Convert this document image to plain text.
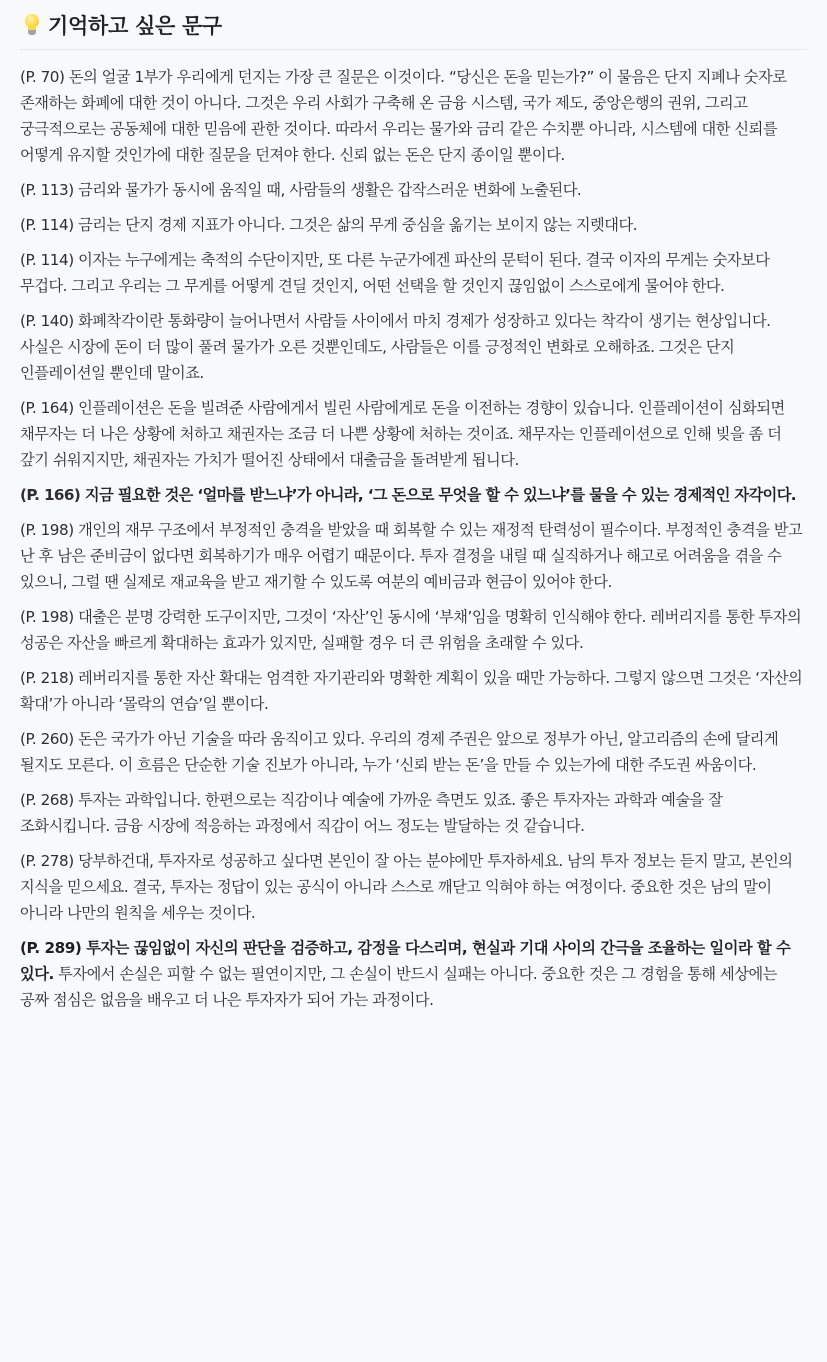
기억하고 싶은 문구

(P. 70) 돈의 얼굴 1부가 우리에게 던지는 가장 큰 질문은 이것이다. “당신은 돈을 믿는가?” 이 물음은 단지 지폐나 숫자로 존재하는 화폐에 대한 것이 아니다. 그것은 우리 사회가 구축해 온 금융 시스템, 국가 제도, 중앙은행의 권위, 그리고 궁극적으로는 공동체에 대한 믿음에 관한 것이다. 따라서 우리는 물가와 금리 같은 수치뿐 아니라, 시스템에 대한 신뢰를 어떻게 유지할 것인가에 대한 질문을 던져야 한다. 신뢰 없는 돈은 단지 종이일 뿐이다.

(P. 113) 금리와 물가가 동시에 움직일 때, 사람들의 생활은 갑작스러운 변화에 노출된다.

(P. 114) 금리는 단지 경제 지표가 아니다. 그것은 삶의 무게 중심을 옮기는 보이지 않는 지렛대다.

(P. 114) 이자는 누구에게는 축적의 수단이지만, 또 다른 누군가에겐 파산의 문턱이 된다. 결국 이자의 무게는 숫자보다 무겁다. 그리고 우리는 그 무게를 어떻게 견딜 것인지, 어떤 선택을 할 것인지 끊임없이 스스로에게 물어야 한다.

(P. 140) 화폐착각이란 통화량이 늘어나면서 사람들 사이에서 마치 경제가 성장하고 있다는 착각이 생기는 현상입니다. 사실은 시장에 돈이 더 많이 풀려 물가가 오른 것뿐인데도, 사람들은 이를 긍정적인 변화로 오해하죠. 그것은 단지 인플레이션일 뿐인데 말이죠.

(P. 164) 인플레이션은 돈을 빌려준 사람에게서 빌린 사람에게로 돈을 이전하는 경향이 있습니다. 인플레이션이 심화되면 채무자는 더 나은 상황에 처하고 채권자는 조금 더 나쁜 상황에 처하는 것이죠. 채무자는 인플레이션으로 인해 빚을 좀 더 갚기 쉬워지지만, 채권자는 가치가 떨어진 상태에서 대출금을 돌려받게 됩니다.

(P. 166) 지금 필요한 것은 ‘얼마를 받느냐’가 아니라, ‘그 돈으로 무엇을 할 수 있느냐’를 물을 수 있는 경제적인 자각이다.

(P. 198) 개인의 재무 구조에서 부정적인 충격을 받았을 때 회복할 수 있는 재정적 탄력성이 필수이다. 부정적인 충격을 받고 난 후 남은 준비금이 없다면 회복하기가 매우 어렵기 때문이다. 투자 결정을 내릴 때 실직하거나 해고로 어려움을 겪을 수 있으니, 그럴 땐 실제로 재교육을 받고 재기할 수 있도록 여분의 예비금과 현금이 있어야 한다.

(P. 198) 대출은 분명 강력한 도구이지만, 그것이 ‘자산’인 동시에 ‘부채’임을 명확히 인식해야 한다. 레버리지를 통한 투자의 성공은 자산을 빠르게 확대하는 효과가 있지만, 실패할 경우 더 큰 위험을 초래할 수 있다.

(P. 218) 레버리지를 통한 자산 확대는 엄격한 자기관리와 명확한 계획이 있을 때만 가능하다. 그렇지 않으면 그것은 ‘자산의 확대’가 아니라 ‘몰락의 연습’일 뿐이다.

(P. 260) 돈은 국가가 아닌 기술을 따라 움직이고 있다. 우리의 경제 주권은 앞으로 정부가 아닌, 알고리즘의 손에 달리게 될지도 모른다. 이 흐름은 단순한 기술 진보가 아니라, 누가 ‘신뢰 받는 돈’을 만들 수 있는가에 대한 주도권 싸움이다.

(P. 268) 투자는 과학입니다. 한편으로는 직감이나 예술에 가까운 측면도 있죠. 좋은 투자자는 과학과 예술을 잘 조화시킵니다. 금융 시장에 적응하는 과정에서 직감이 어느 정도는 발달하는 것 같습니다.

(P. 278) 당부하건대, 투자자로 성공하고 싶다면 본인이 잘 아는 분야에만 투자하세요. 남의 투자 정보는 듣지 말고, 본인의 지식을 믿으세요. 결국, 투자는 정답이 있는 공식이 아니라 스스로 깨닫고 익혀야 하는 여정이다. 중요한 것은 남의 말이 아니라 나만의 원칙을 세우는 것이다.

(P. 289) 투자는 끊임없이 자신의 판단을 검증하고, 감정을 다스리며, 현실과 기대 사이의 간극을 조율하는 일이라 할 수 있다. 투자에서 손실은 피할 수 없는 필연이지만, 그 손실이 반드시 실패는 아니다. 중요한 것은 그 경험을 통해 세상에는 공짜 점심은 없음을 배우고 더 나은 투자자가 되어 가는 과정이다.
